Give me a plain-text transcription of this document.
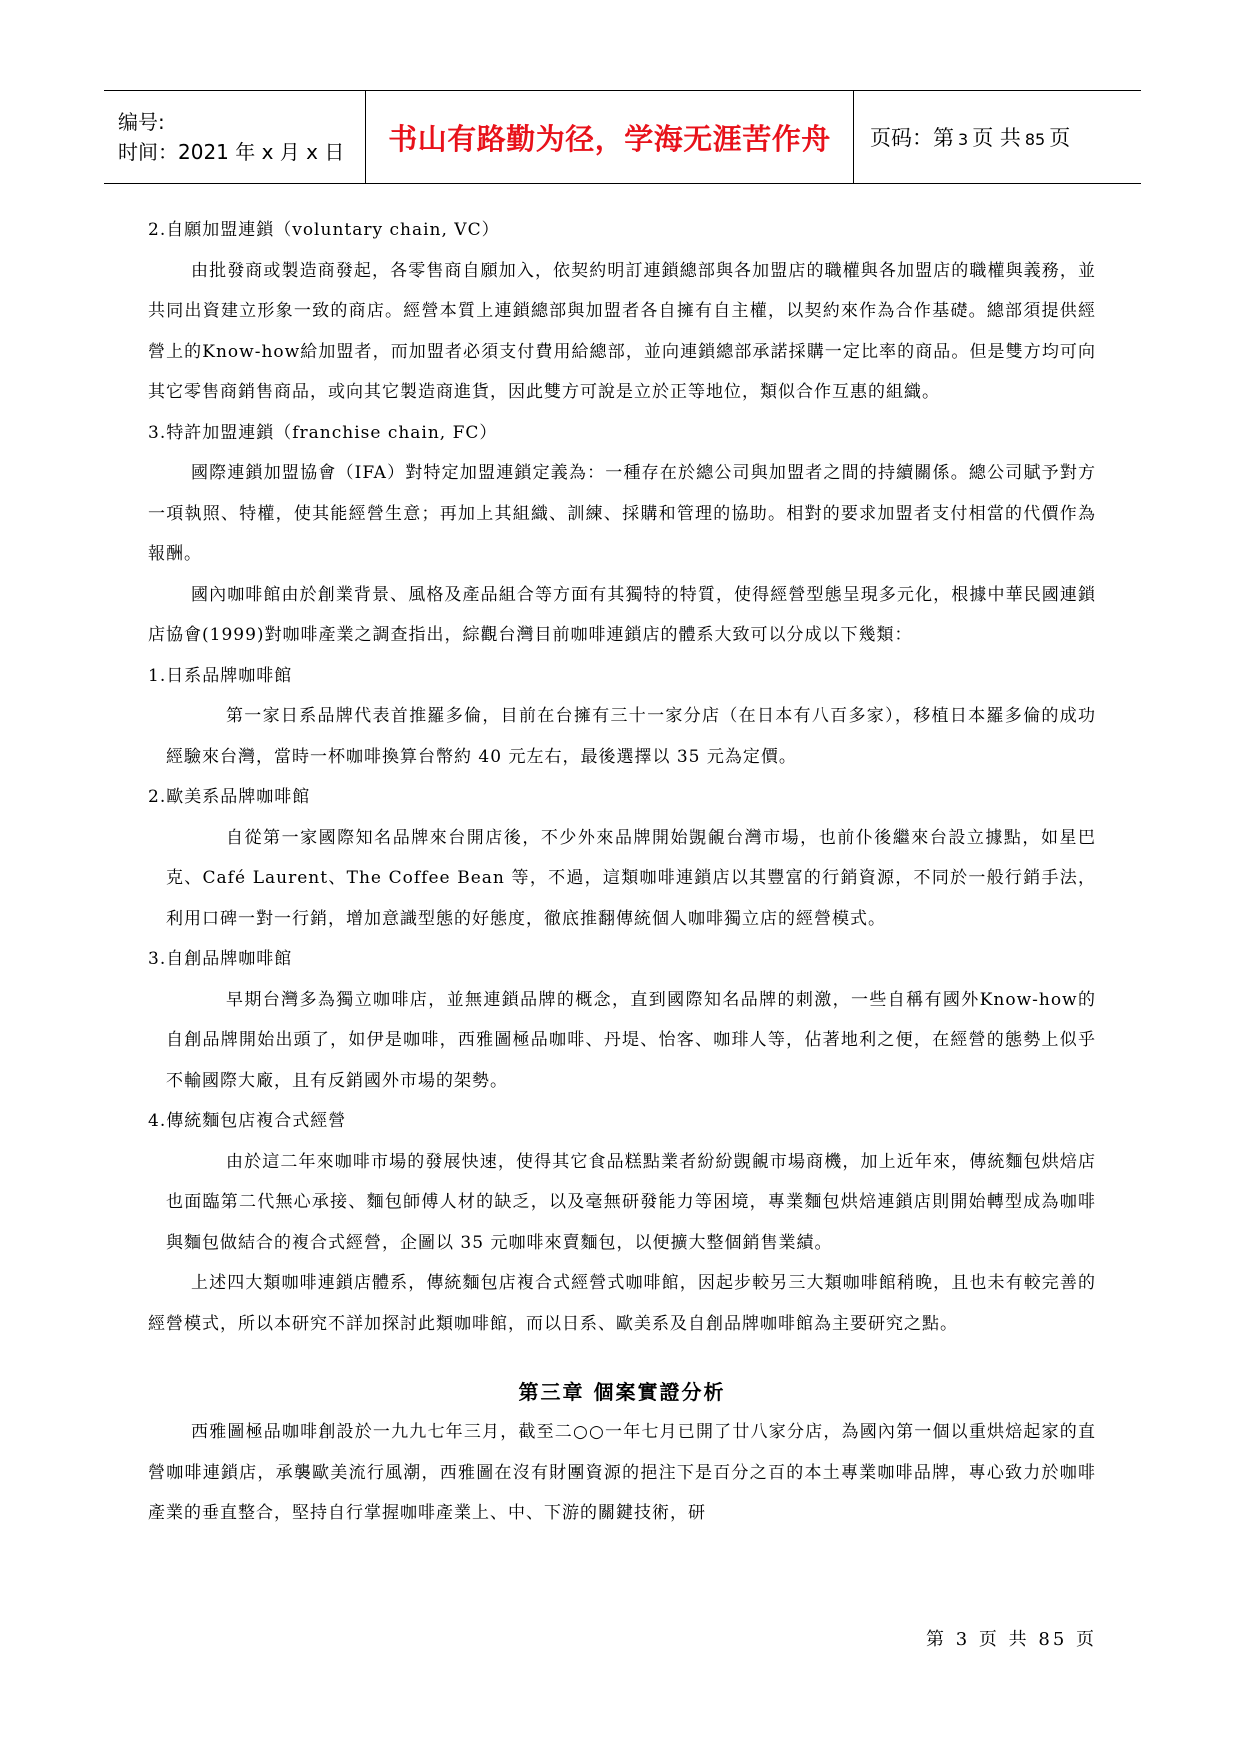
编号:
时间：2021 年 x 月 x 日	书山有路勤为径，学海无涯苦作舟 页码：第 3 页 共 85 页

2.自願加盟連鎖（voluntary chain, VC）

由批發商或製造商發起，各零售商自願加入，依契約明訂連鎖總部與各加盟店的職權與各加盟店的職權與義務，並共同出資建立形象一致的商店。經營本質上連鎖總部與加盟者各自擁有自主權，以契約來作為合作基礎。總部須提供經營上的Know-how給加盟者，而加盟者必須支付費用給總部，並向連鎖總部承諾採購一定比率的商品。但是雙方均可向其它零售商銷售商品，或向其它製造商進貨，因此雙方可說是立於正等地位，類似合作互惠的組織。

3.特許加盟連鎖（franchise chain, FC）

國際連鎖加盟協會（IFA）對特定加盟連鎖定義為：一種存在於總公司與加盟者之間的持續關係。總公司賦予對方一項執照、特權，使其能經營生意；再加上其組織、訓練、採購和管理的協助。相對的要求加盟者支付相當的代價作為報酬。

國內咖啡館由於創業背景、風格及產品組合等方面有其獨特的特質，使得經營型態呈現多元化，根據中華民國連鎖店協會(1999)對咖啡產業之調查指出，綜觀台灣目前咖啡連鎖店的體系大致可以分成以下幾類：

1.日系品牌咖啡館

第一家日系品牌代表首推羅多倫，目前在台擁有三十一家分店（在日本有八百多家），移植日本羅多倫的成功經驗來台灣，當時一杯咖啡換算台幣約 40 元左右，最後選擇以 35 元為定價。

2.歐美系品牌咖啡館

自從第一家國際知名品牌來台開店後，不少外來品牌開始覬覦台灣市場，也前仆後繼來台設立據點，如星巴克、Café Laurent、The Coffee Bean 等，不過，這類咖啡連鎖店以其豐富的行銷資源，不同於一般行銷手法，利用口碑一對一行銷，增加意識型態的好態度，徹底推翻傳統個人咖啡獨立店的經營模式。

3.自創品牌咖啡館

早期台灣多為獨立咖啡店，並無連鎖品牌的概念，直到國際知名品牌的刺激，一些自稱有國外Know-how的自創品牌開始出頭了，如伊是咖啡，西雅圖極品咖啡、丹堤、怡客、咖琲人等，佔著地利之便，在經營的態勢上似乎不輸國際大廠，且有反銷國外市場的架勢。

4.傳統麵包店複合式經營

由於這二年來咖啡市場的發展快速，使得其它食品糕點業者紛紛覬覦市場商機，加上近年來，傳統麵包烘焙店也面臨第二代無心承接、麵包師傅人材的缺乏，以及毫無研發能力等困境，專業麵包烘焙連鎖店則開始轉型成為咖啡與麵包做結合的複合式經營，企圖以 35 元咖啡來賣麵包，以便擴大整個銷售業績。

上述四大類咖啡連鎖店體系，傳統麵包店複合式經營式咖啡館，因起步較另三大類咖啡館稍晚，且也未有較完善的經營模式，所以本研究不詳加探討此類咖啡館，而以日系、歐美系及自創品牌咖啡館為主要研究之點。

第三章 個案實證分析

西雅圖極品咖啡創設於一九九七年三月，截至二○○一年七月已開了廿八家分店，為國內第一個以重烘焙起家的直營咖啡連鎖店，承襲歐美流行風潮，西雅圖在沒有財團資源的挹注下是百分之百的本土專業咖啡品牌，專心致力於咖啡產業的垂直整合，堅持自行掌握咖啡產業上、中、下游的關鍵技術，研

第 3 页 共 85 页
